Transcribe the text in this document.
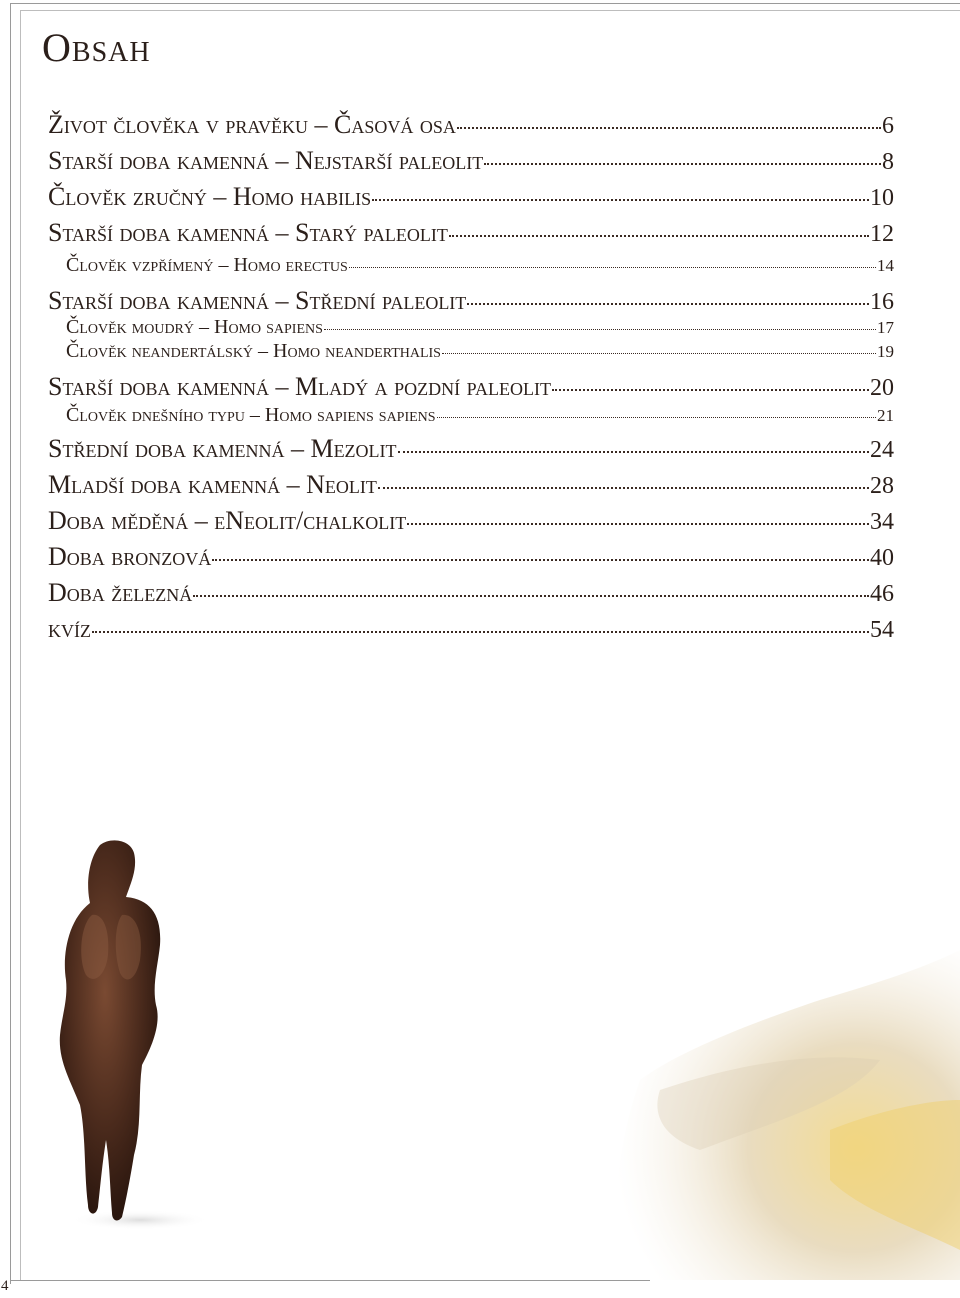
Obsah
Život člověka v pravěku – Časová osa	6
Starší doba kamenná – Nejstarší paleolit	8
Člověk zručný – Homo habilis	10
Starší doba kamenná – Starý paleolit	12
Člověk vzpřímený – Homo erectus	14
Starší doba kamenná – Střední paleolit	16
Člověk moudrý – Homo sapiens	17
Člověk neandertálský – Homo neanderthalis	19
Starší doba kamenná – Mladý a pozdní paleolit	20
Člověk dnešního typu – Homo sapiens sapiens	21
Střední doba kamenná – Mezolit	24
Mladší doba kamenná – Neolit	28
Doba měděná – eNeolit/chalkolit	34
Doba bronzová	40
Doba železná	46
kvíz	54
4
